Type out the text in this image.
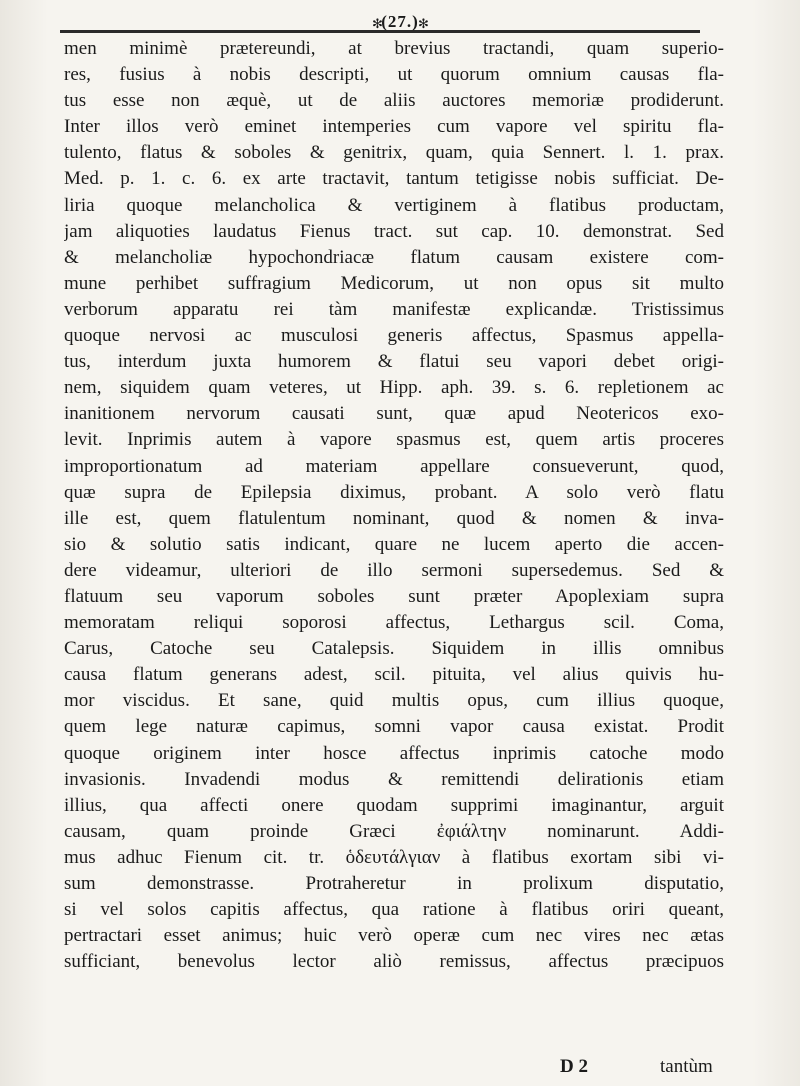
✻
(27.) ✻
men minimè prætereundi, at brevius tractandi, quam superio-
res, fusius à nobis descripti, ut quorum omnium causas fla-
tus esse non æquè, ut de aliis auctores memoriæ prodiderunt.
Inter illos verò eminet intemperies cum vapore vel spiritu fla-
tulento, flatus & soboles & genitrix, quam, quia Sennert. l. 1. prax.
Med. p. 1. c. 6. ex arte tractavit, tantum tetigisse nobis sufficiat. De-
liria quoque melancholica & vertiginem à flatibus productam,
jam aliquoties laudatus Fienus tract. sut cap. 10. demonstrat. Sed
& melancholiæ hypochondriacæ flatum causam existere com-
mune perhibet suffragium Medicorum, ut non opus sit multo
verborum apparatu rei tàm manifestæ explicandæ. Tristissimus
quoque nervosi ac musculosi generis affectus, Spasmus appella-
tus, interdum juxta humorem & flatui seu vapori debet origi-
nem, siquidem quam veteres, ut Hipp. aph. 39. s. 6. repletionem ac
inanitionem nervorum causati sunt, quæ apud Neotericos exo-
levit. Inprimis autem à vapore spasmus est, quem artis proceres
improportionatum ad materiam appellare consueverunt, quod,
quæ supra de Epilepsia diximus, probant. A solo verò flatu
ille est, quem flatulentum nominant, quod & nomen & inva-
sio & solutio satis indicant, quare ne lucem aperto die accen-
dere videamur, ulteriori de illo sermoni supersedemus. Sed &
flatuum seu vaporum soboles sunt præter Apoplexiam supra
memoratam reliqui soporosi affectus, Lethargus scil. Coma,
Carus, Catoche seu Catalepsis. Siquidem in illis omnibus
causa flatum generans adest, scil. pituita, vel alius quivis hu-
mor viscidus. Et sane, quid multis opus, cum illius quoque,
quem lege naturæ capimus, somni vapor causa existat. Prodit
quoque originem inter hosce affectus inprimis catoche modo
invasionis. Invadendi modus & remittendi delirationis etiam
illius, qua affecti onere quodam supprimi imaginantur, arguit
causam, quam proinde Græci ἐφιάλτην nominarunt. Addi-
mus adhuc Fienum cit. tr. ὁδευτάλγιαν à flatibus exortam sibi vi-
sum demonstrasse. Protraheretur in prolixum disputatio,
si vel solos capitis affectus, qua ratione à flatibus oriri queant,
pertractari esset animus; huic verò operæ cum nec vires nec ætas
sufficiant, benevolus lector aliò remissus, affectus præcipuos
D 2	tantùm
